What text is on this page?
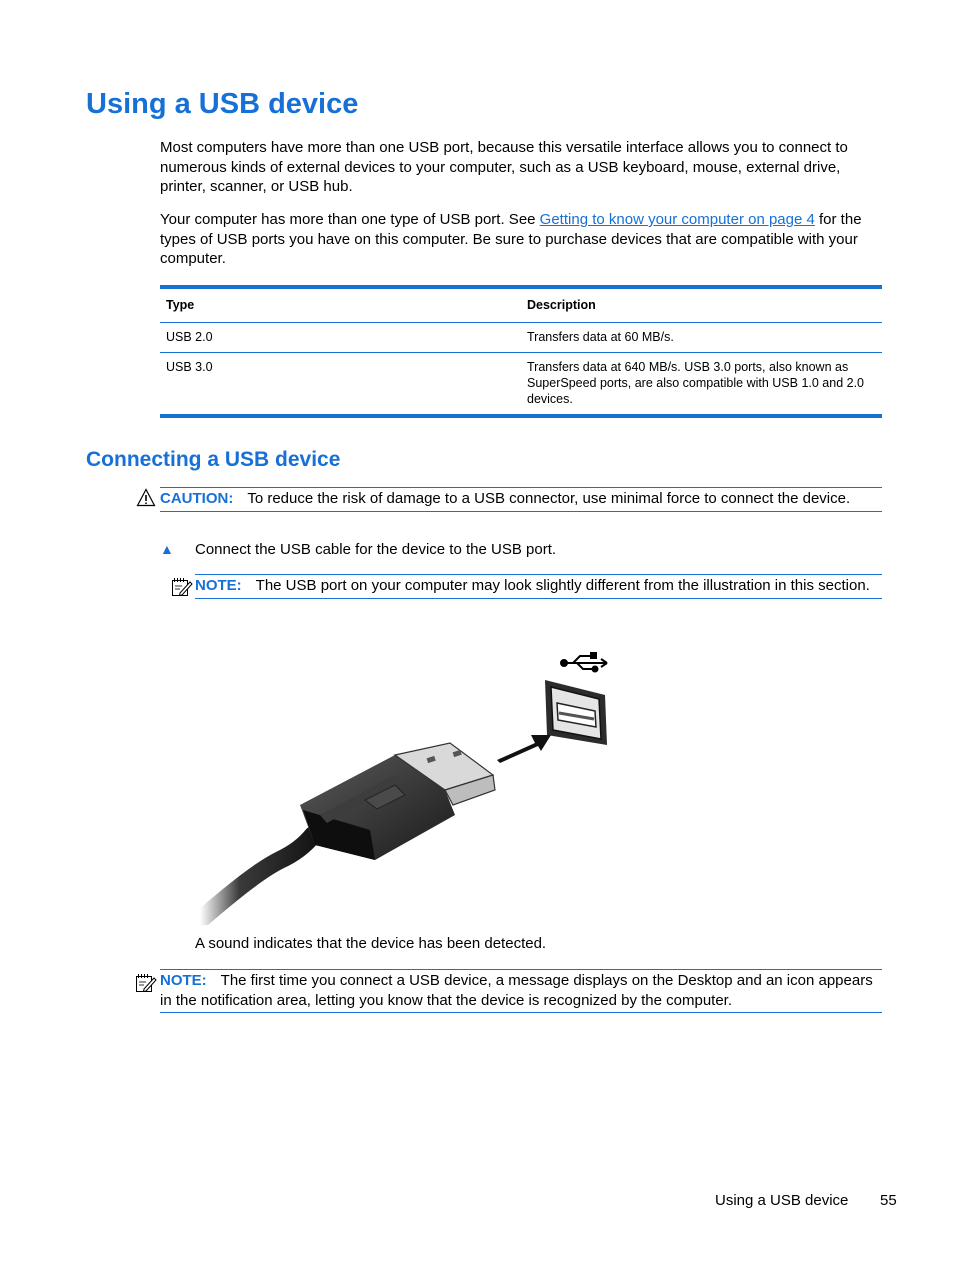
Using a USB device

Most computers have more than one USB port, because this versatile interface allows you to connect to numerous kinds of external devices to your computer, such as a USB keyboard, mouse, external drive, printer, scanner, or USB hub.

Your computer has more than one type of USB port. See Getting to know your computer on page 4 for the types of USB ports you have on this computer. Be sure to purchase devices that are compatible with your computer.

Type	Description
USB 2.0	Transfers data at 60 MB/s.
USB 3.0	Transfers data at 640 MB/s. USB 3.0 ports, also known as SuperSpeed ports, are also compatible with USB 1.0 and 2.0 devices.
Connecting a USB device
CAUTION: To reduce the risk of damage to a USB connector, use minimal force to connect the device.
▲ Connect the USB cable for the device to the USB port.
NOTE: The USB port on your computer may look slightly different from the illustration in this section.

A sound indicates that the device has been detected.

NOTE: The first time you connect a USB device, a message displays on the Desktop and an icon appears in the notification area, letting you know that the device is recognized by the computer.
Using a USB device 55
